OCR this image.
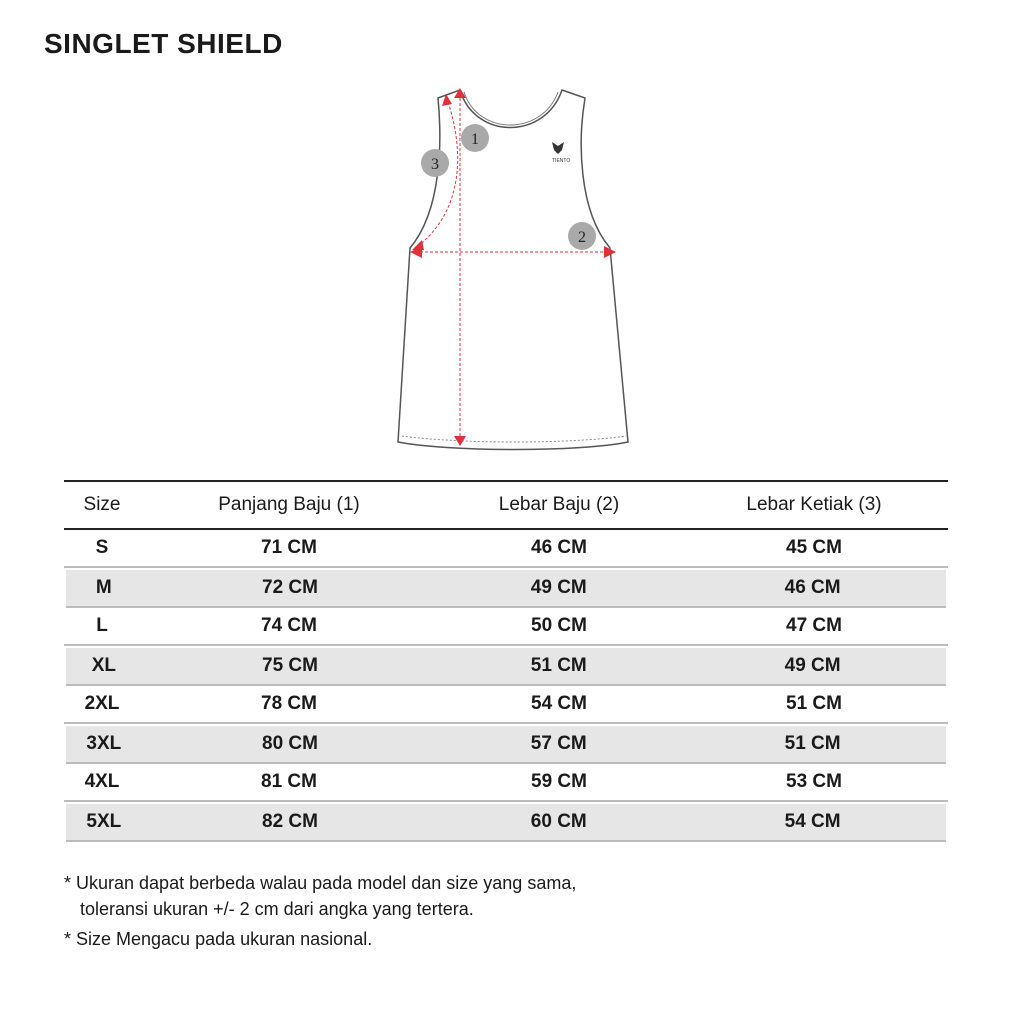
SINGLET SHIELD
TIENTO
1
2
3
Size	Panjang Baju (1)	Lebar Baju (2)	Lebar Ketiak (3)
S	71 CM	46 CM	45 CM
M	72 CM	49 CM	46 CM
L	74 CM	50 CM	47 CM
XL	75 CM	51 CM	49 CM
2XL	78 CM	54 CM	51 CM
3XL	80 CM	57 CM	51 CM
4XL	81 CM	59 CM	53 CM
5XL	82 CM	60 CM	54 CM
* Ukuran dapat berbeda walau pada model dan size yang sama,
toleransi ukuran +/- 2 cm dari angka yang tertera.
* Size Mengacu pada ukuran nasional.
